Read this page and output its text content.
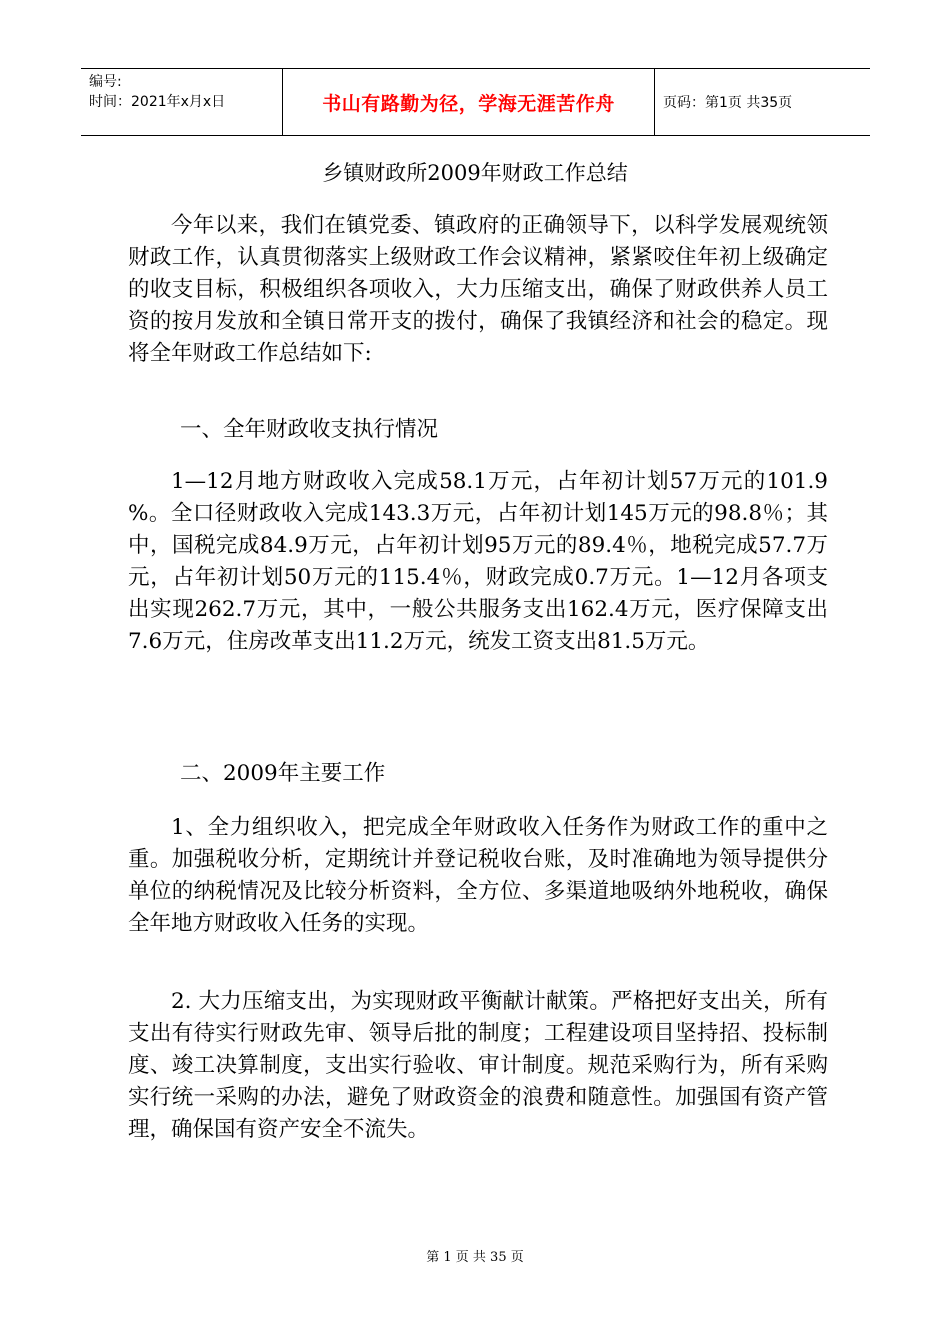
编号:
时间：2021年x月x日	书山有路勤为径，学海无涯苦作舟	页码：第1页 共35页
乡镇财政所2009年财政工作总结

今年以来，我们在镇党委、镇政府的正确领导下，以科学发展观统领财政工作，认真贯彻落实上级财政工作会议精神，紧紧咬住年初上级确定的收支目标，积极组织各项收入，大力压缩支出，确保了财政供养人员工资的按月发放和全镇日常开支的拨付，确保了我镇经济和社会的稳定。现将全年财政工作总结如下:

一、全年财政收支执行情况

1—12月地方财政收入完成58.1万元，占年初计划57万元的101.9 %。全口径财政收入完成143.3万元，占年初计划145万元的98.8％；其中，国税完成84.9万元，占年初计划95万元的89.4％，地税完成57.7万元，占年初计划50万元的115.4％，财政完成0.7万元。1—12月各项支出实现262.7万元，其中，一般公共服务支出162.4万元，医疗保障支出7.6万元，住房改革支出11.2万元，统发工资支出81.5万元。

二、2009年主要工作

1、全力组织收入，把完成全年财政收入任务作为财政工作的重中之重。加强税收分析，定期统计并登记税收台账，及时准确地为领导提供分单位的纳税情况及比较分析资料，全方位、多渠道地吸纳外地税收，确保全年地方财政收入任务的实现。

2. 大力压缩支出，为实现财政平衡献计献策。严格把好支出关，所有支出有待实行财政先审、领导后批的制度；工程建设项目坚持招、投标制度、竣工决算制度，支出实行验收、审计制度。规范采购行为，所有采购实行统一采购的办法，避免了财政资金的浪费和随意性。加强国有资产管理，确保国有资产安全不流失。

第 1 页 共 35 页
